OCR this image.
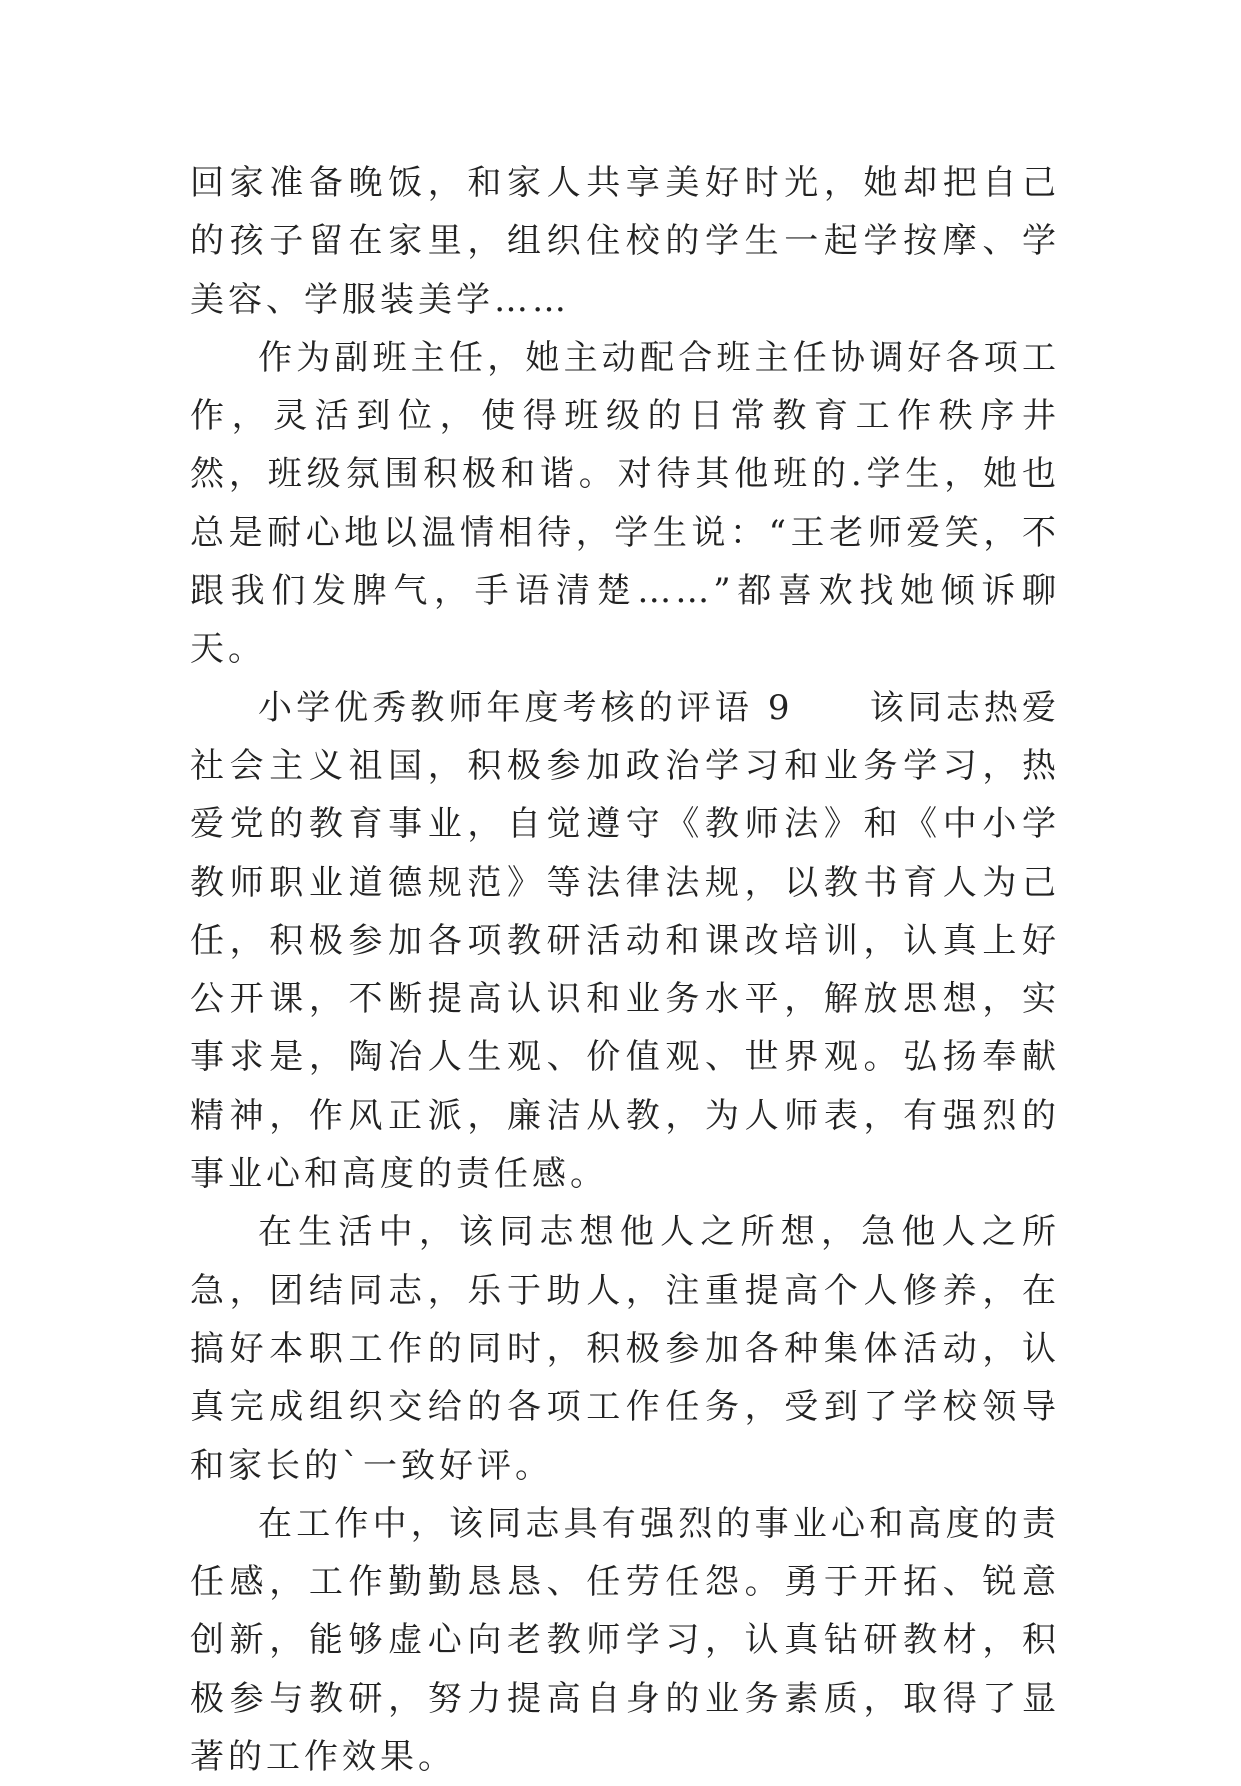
回家准备晚饭，和家人共享美好时光，她却把自己的孩子留在家里，组织住校的学生一起学按摩、学美容、学服装美学……

作为副班主任，她主动配合班主任协调好各项工作，灵活到位，使得班级的日常教育工作秩序井然，班级氛围积极和谐。对待其他班的.学生，她也总是耐心地以温情相待，学生说：“王老师爱笑，不跟我们发脾气，手语清楚……”都喜欢找她倾诉聊天。

小学优秀教师年度考核的评语 9　　该同志热爱社会主义祖国，积极参加政治学习和业务学习，热爱党的教育事业，自觉遵守《教师法》和《中小学教师职业道德规范》等法律法规，以教书育人为己任，积极参加各项教研活动和课改培训，认真上好公开课，不断提高认识和业务水平，解放思想，实事求是，陶冶人生观、价值观、世界观。弘扬奉献精神，作风正派，廉洁从教，为人师表，有强烈的事业心和高度的责任感。

在生活中，该同志想他人之所想，急他人之所急，团结同志，乐于助人，注重提高个人修养，在搞好本职工作的同时，积极参加各种集体活动，认真完成组织交给的各项工作任务，受到了学校领导和家长的`一致好评。

在工作中，该同志具有强烈的事业心和高度的责任感，工作勤勤恳恳、任劳任怨。勇于开拓、锐意创新，能够虚心向老教师学习，认真钻研教材，积极参与教研，努力提高自身的业务素质，取得了显著的工作效果。
